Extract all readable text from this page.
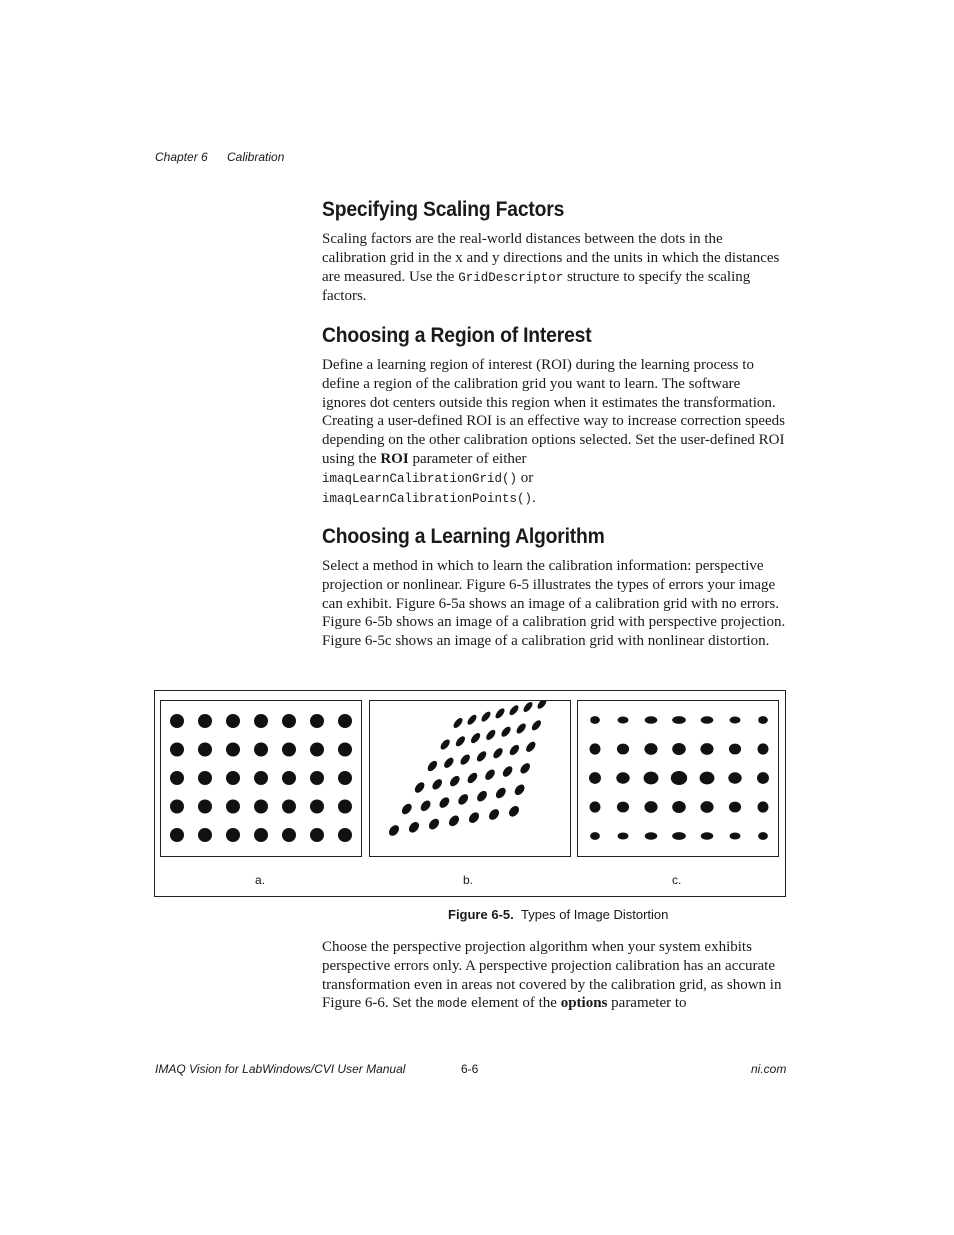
Chapter 6 Calibration
Specifying Scaling Factors

Scaling factors are the real-world distances between the dots in the calibration grid in the x and y directions and the units in which the distances are measured. Use the GridDescriptor structure to specify the scaling factors.

Choosing a Region of Interest

Define a learning region of interest (ROI) during the learning process to define a region of the calibration grid you want to learn. The software ignores dot centers outside this region when it estimates the transformation. Creating a user-defined ROI is an effective way to increase correction speeds depending on the other calibration options selected. Set the user-defined ROI using the ROI parameter of either
imaqLearnCalibrationGrid() or
imaqLearnCalibrationPoints().

Choosing a Learning Algorithm

Select a method in which to learn the calibration information: perspective projection or nonlinear. Figure 6-5 illustrates the types of errors your image can exhibit. Figure 6-5a shows an image of a calibration grid with no errors. Figure 6-5b shows an image of a calibration grid with perspective projection. Figure 6-5c shows an image of a calibration grid with nonlinear distortion.

Choose the perspective projection algorithm when your system exhibits perspective errors only. A perspective projection calibration has an accurate transformation even in areas not covered by the calibration grid, as shown in Figure 6-6. Set the mode element of the options parameter to

a.	b.	c.
Figure 6-5. Types of Image Distortion
IMAQ Vision for LabWindows/CVI User Manual	6-6	ni.com
